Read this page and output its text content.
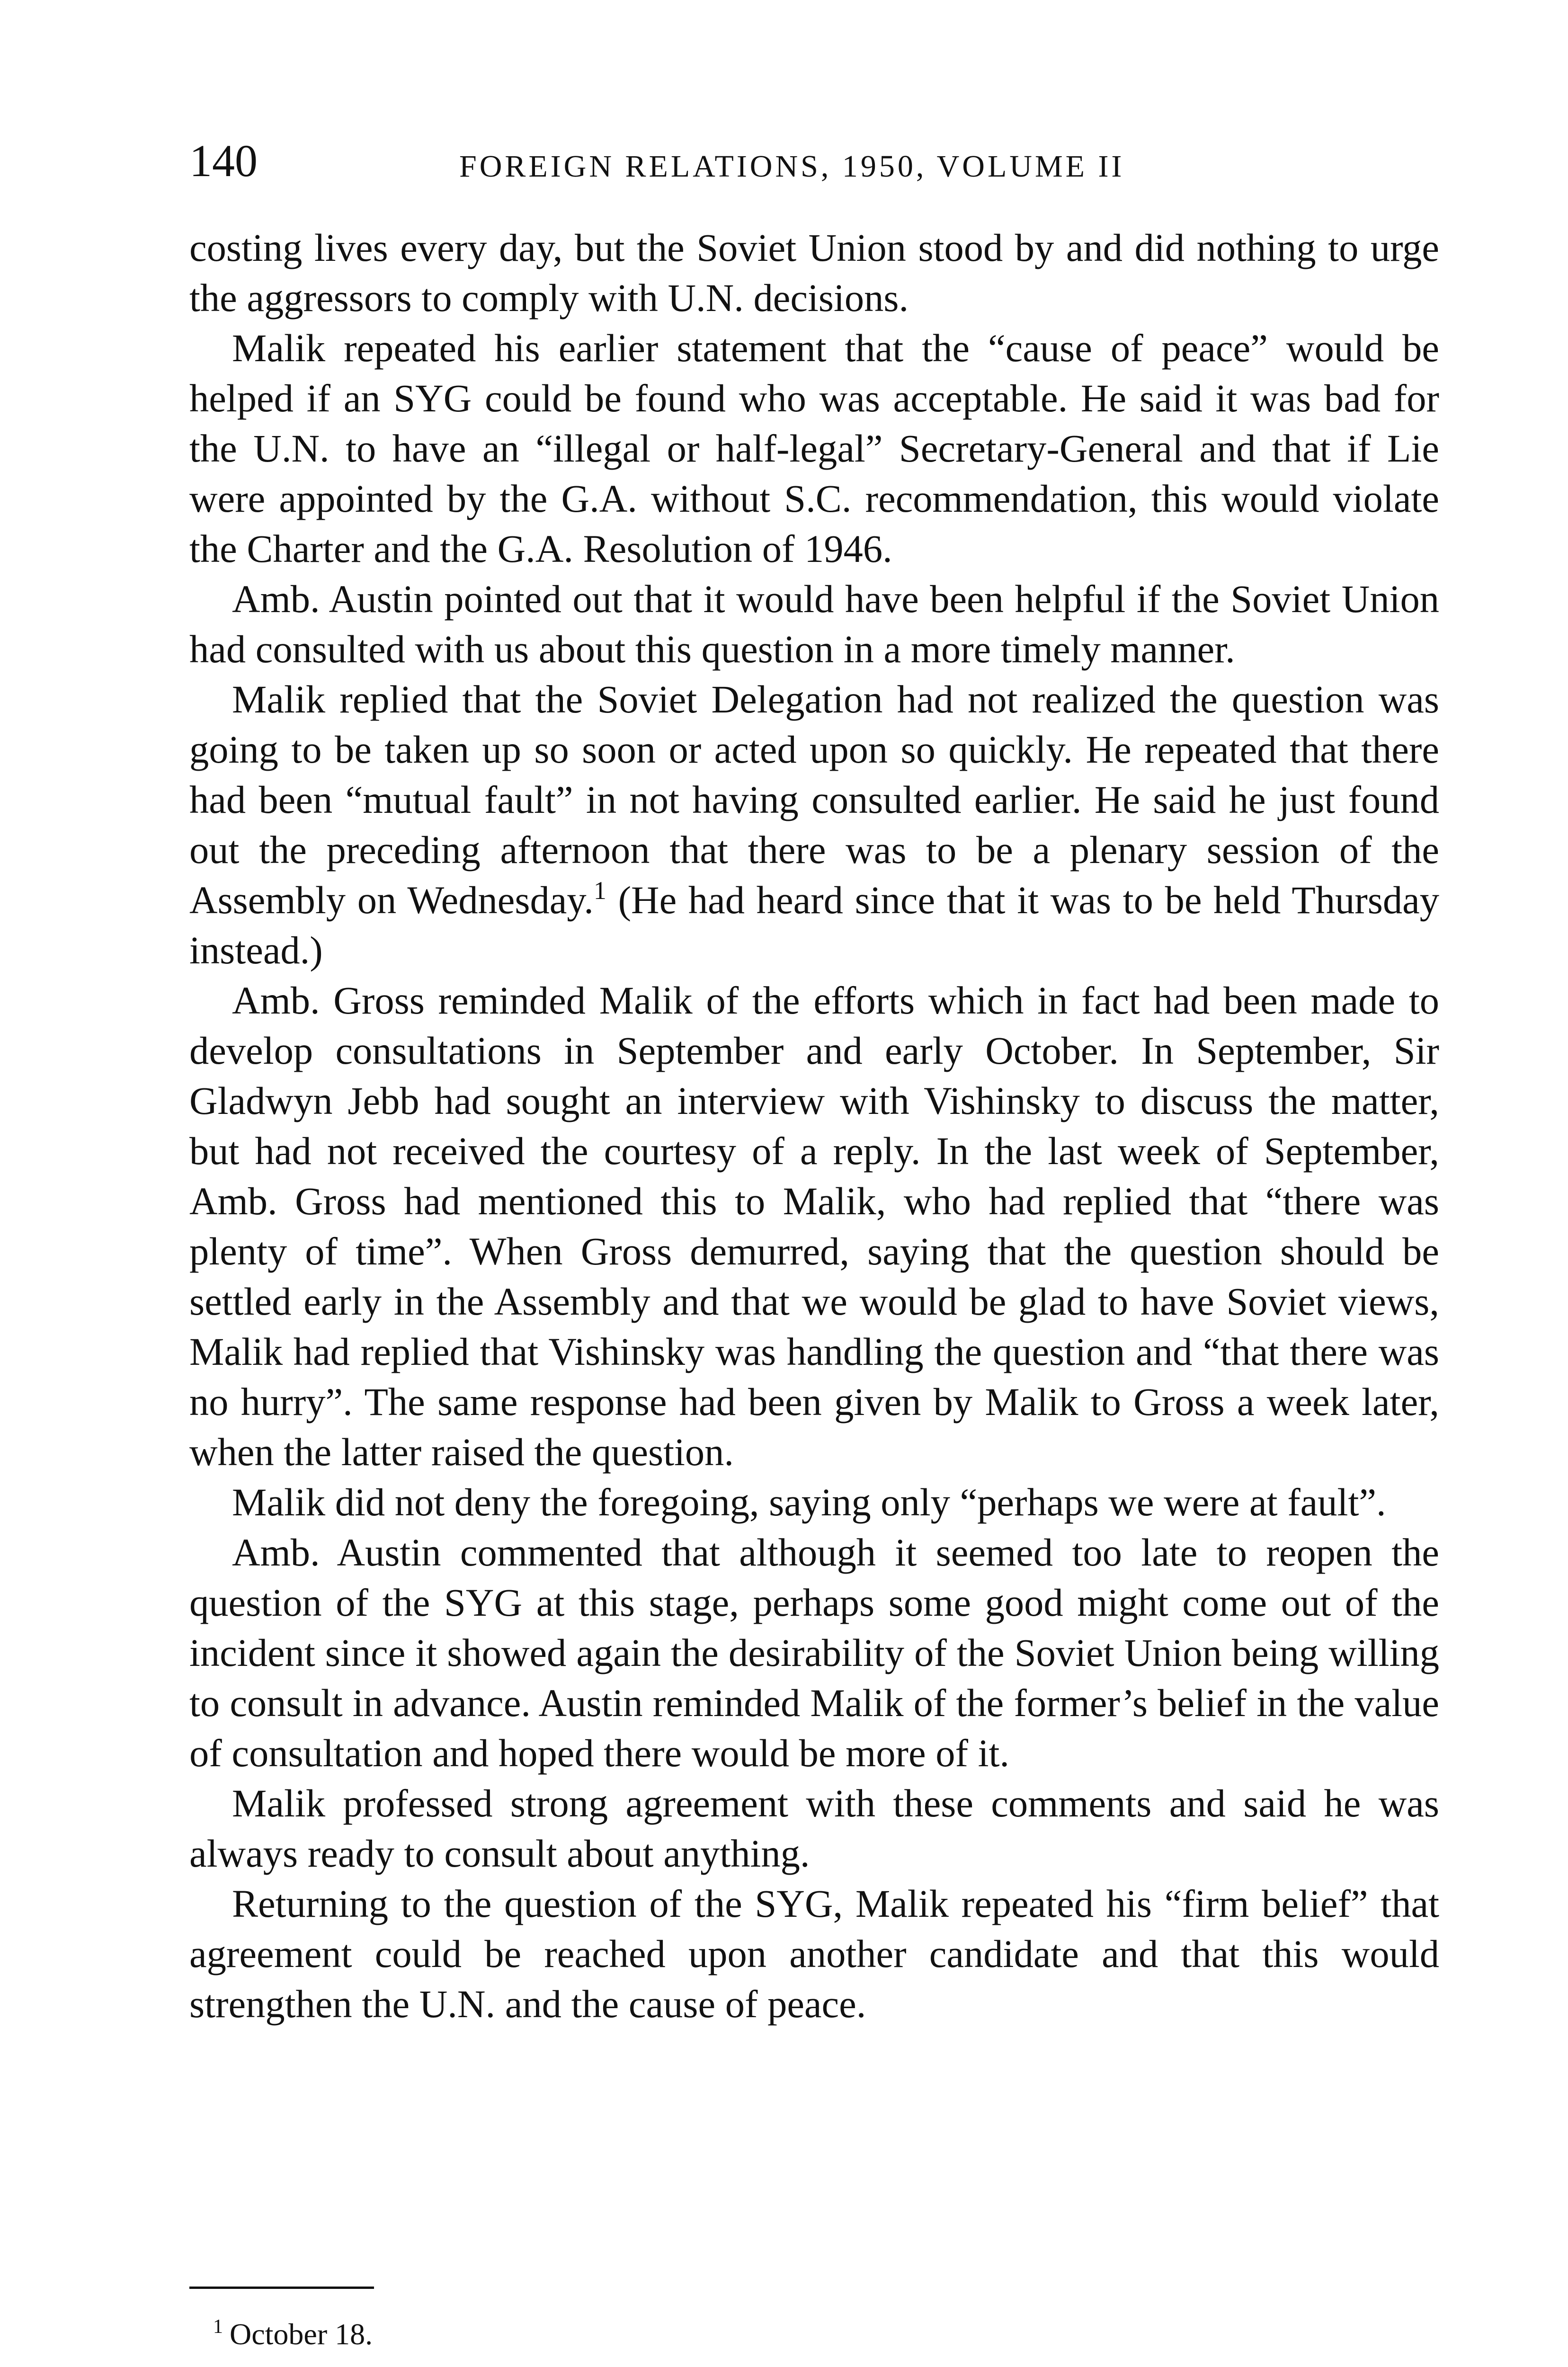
140	FOREIGN RELATIONS, 1950, VOLUME II

costing lives every day, but the Soviet Union stood by and did nothing to urge the aggressors to comply with U.N. decisions.

Malik repeated his earlier statement that the “cause of peace” would be helped if an SYG could be found who was acceptable. He said it was bad for the U.N. to have an “illegal or half-legal” Secretary-General and that if Lie were appointed by the G.A. without S.C. recommendation, this would violate the Charter and the G.A. Resolution of 1946.

Amb. Austin pointed out that it would have been helpful if the Soviet Union had consulted with us about this question in a more timely manner.

Malik replied that the Soviet Delegation had not realized the question was going to be taken up so soon or acted upon so quickly. He repeated that there had been “mutual fault” in not having consulted earlier. He said he just found out the preceding afternoon that there was to be a plenary session of the Assembly on Wednesday.$^1$ (He had heard since that it was to be held Thursday instead.)

Amb. Gross reminded Malik of the efforts which in fact had been made to develop consultations in September and early October. In September, Sir Gladwyn Jebb had sought an interview with Vishinsky to discuss the matter, but had not received the courtesy of a reply. In the last week of September, Amb. Gross had mentioned this to Malik, who had replied that “there was plenty of time”. When Gross demurred, saying that the question should be settled early in the Assembly and that we would be glad to have Soviet views, Malik had replied that Vishinsky was handling the question and “that there was no hurry”. The same response had been given by Malik to Gross a week later, when the latter raised the question.

Malik did not deny the foregoing, saying only “perhaps we were at fault”.

Amb. Austin commented that although it seemed too late to reopen the question of the SYG at this stage, perhaps some good might come out of the incident since it showed again the desirability of the Soviet Union being willing to consult in advance. Austin reminded Malik of the former’s belief in the value of consultation and hoped there would be more of it.

Malik professed strong agreement with these comments and said he was always ready to consult about anything.

Returning to the question of the SYG, Malik repeated his “firm belief” that agreement could be reached upon another candidate and that this would strengthen the U.N. and the cause of peace.

$^1$ October 18.
